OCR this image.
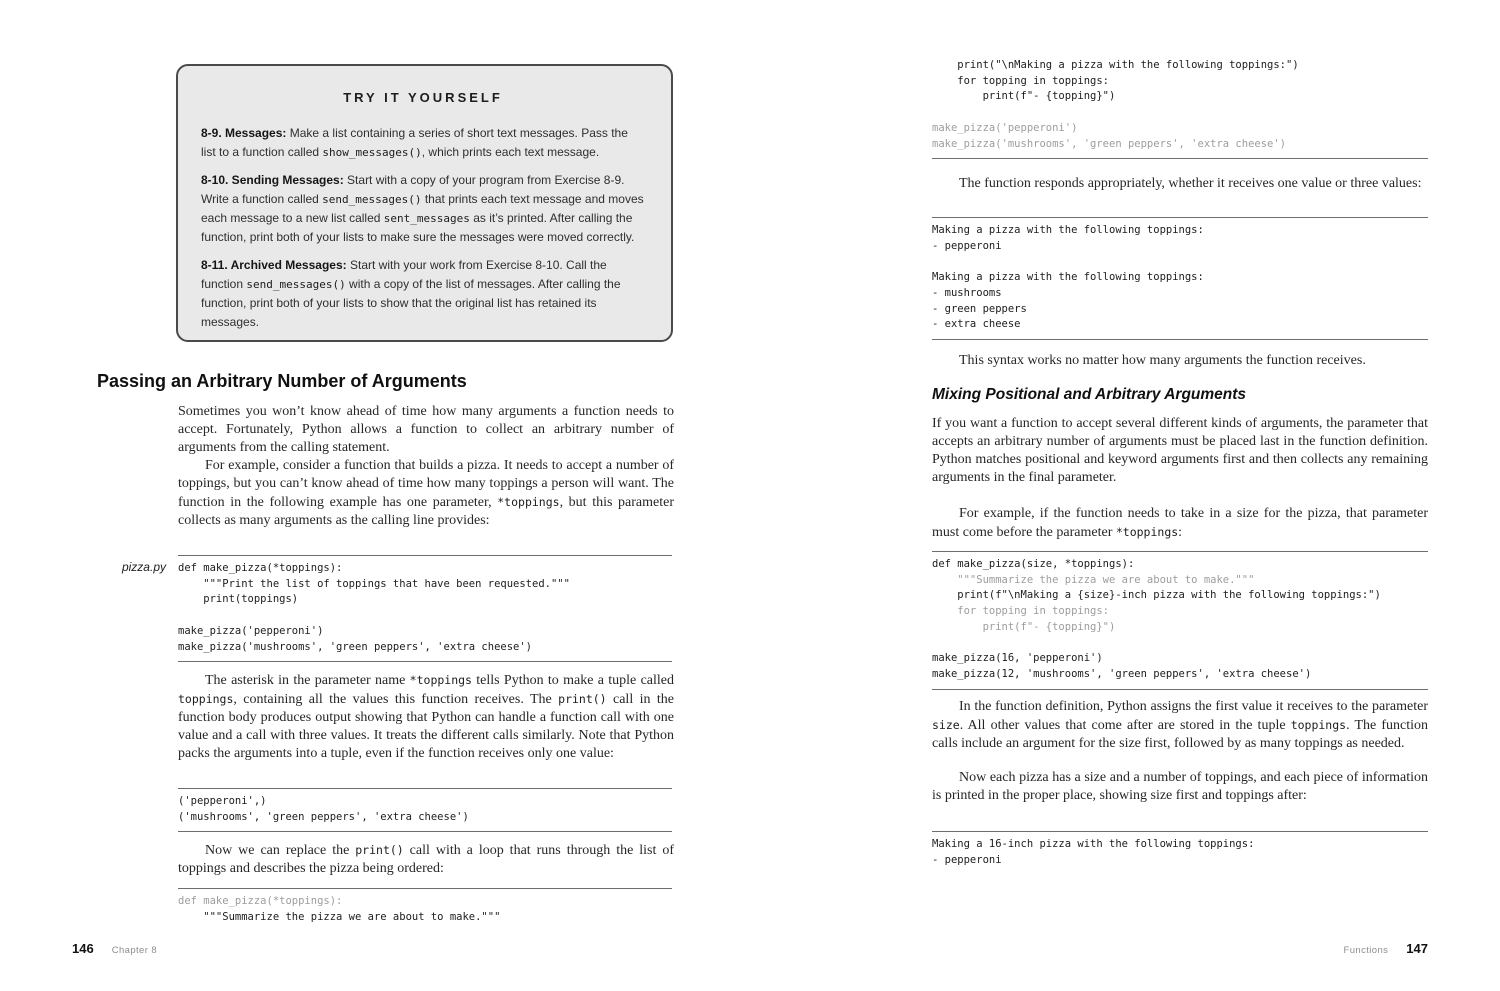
TRY IT YOURSELF

8-9. Messages: Make a list containing a series of short text messages. Pass the list to a function called show_messages(), which prints each text message.

8-10. Sending Messages: Start with a copy of your program from Exercise 8-9. Write a function called send_messages() that prints each text message and moves each message to a new list called sent_messages as it’s printed. After calling the function, print both of your lists to make sure the messages were moved correctly.

8-11. Archived Messages: Start with your work from Exercise 8-10. Call the function send_messages() with a copy of the list of messages. After calling the function, print both of your lists to show that the original list has retained its messages.

Passing an Arbitrary Number of Arguments

Sometimes you won’t know ahead of time how many arguments a function needs to accept. Fortunately, Python allows a function to collect an arbitrary number of arguments from the calling statement.

For example, consider a function that builds a pizza. It needs to accept a number of toppings, but you can’t know ahead of time how many toppings a person will want. The function in the following example has one parameter, *toppings, but this parameter collects as many arguments as the calling line provides:

pizza.py def make_pizza(*toppings):
"""Print the list of toppings that have been requested."""
print(toppings)

make_pizza('pepperoni')
make_pizza('mushrooms', 'green peppers', 'extra cheese')

The asterisk in the parameter name *toppings tells Python to make a tuple called toppings, containing all the values this function receives. The print() call in the function body produces output showing that Python can handle a function call with one value and a call with three values. It treats the different calls similarly. Note that Python packs the arguments into a tuple, even if the function receives only one value:

('pepperoni',)
('mushrooms', 'green peppers', 'extra cheese')

Now we can replace the print() call with a loop that runs through the list of toppings and describes the pizza being ordered:

def make_pizza(*toppings):
"""Summarize the pizza we are about to make."""
146 Chapter 8
print("\nMaking a pizza with the following toppings:")
for topping in toppings:
print(f"- {topping}")

make_pizza('pepperoni')
make_pizza('mushrooms', 'green peppers', 'extra cheese')

The function responds appropriately, whether it receives one value or three values:

Making a pizza with the following toppings:
- pepperoni

Making a pizza with the following toppings:
- mushrooms
- green peppers
- extra cheese

This syntax works no matter how many arguments the function receives.

Mixing Positional and Arbitrary Arguments

If you want a function to accept several different kinds of arguments, the parameter that accepts an arbitrary number of arguments must be placed last in the function definition. Python matches positional and keyword arguments first and then collects any remaining arguments in the final parameter.

For example, if the function needs to take in a size for the pizza, that parameter must come before the parameter *toppings:

def make_pizza(size, *toppings):
"""Summarize the pizza we are about to make."""
print(f"\nMaking a {size}-inch pizza with the following toppings:")
for topping in toppings:
print(f"- {topping}")

make_pizza(16, 'pepperoni')
make_pizza(12, 'mushrooms', 'green peppers', 'extra cheese')

In the function definition, Python assigns the first value it receives to the parameter size. All other values that come after are stored in the tuple toppings. The function calls include an argument for the size first, followed by as many toppings as needed.

Now each pizza has a size and a number of toppings, and each piece of information is printed in the proper place, showing size first and toppings after:

Making a 16-inch pizza with the following toppings:
- pepperoni
Functions 147
